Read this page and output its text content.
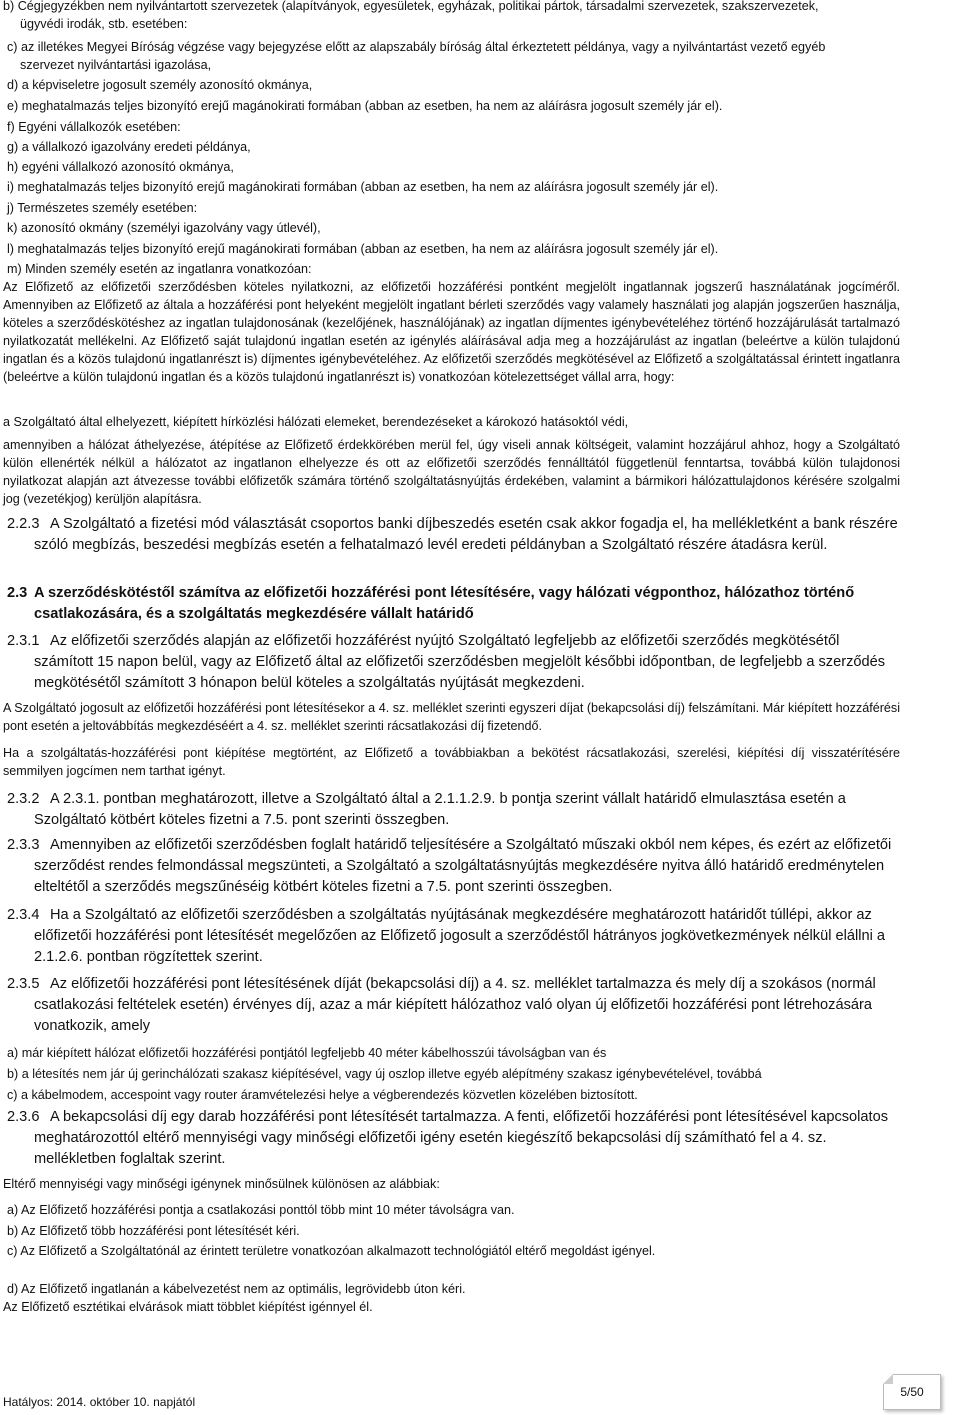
b) Cégjegyzékben nem nyilvántartott szervezetek (alapítványok, egyesületek, egyházak, politikai pártok, társadalmi szervezetek, szakszervezetek,
ügyvédi irodák, stb. esetében:
c) az illetékes Megyei Bíróság végzése vagy bejegyzése előtt az alapszabály bíróság által érkeztetett példánya, vagy a nyilvántartást vezető egyéb
szervezet nyilvántartási igazolása,
d) a képviseletre jogosult személy azonosító okmánya,
e) meghatalmazás teljes bizonyító erejű magánokirati formában (abban az esetben, ha nem az aláírásra jogosult személy jár el).
f) Egyéni vállalkozók esetében:
g) a vállalkozó igazolvány eredeti példánya,
h) egyéni vállalkozó azonosító okmánya,
i) meghatalmazás teljes bizonyító erejű magánokirati formában (abban az esetben, ha nem az aláírásra jogosult személy jár el).
j) Természetes személy esetében:
k) azonosító okmány (személyi igazolvány vagy útlevél),
l) meghatalmazás teljes bizonyító erejű magánokirati formában (abban az esetben, ha nem az aláírásra jogosult személy jár el).
m) Minden személy esetén az ingatlanra vonatkozóan:
Az Előfizető az előfizetői szerződésben köteles nyilatkozni, az előfizetői hozzáférési pontként megjelölt ingatlannak jogszerű használatának jogcíméről. Amennyiben az Előfizető az általa a hozzáférési pont helyeként megjelölt ingatlant bérleti szerződés vagy valamely használati jog alapján jogszerűen használja, köteles a szerződéskötéshez az ingatlan tulajdonosának (kezelőjének, használójának) az ingatlan díjmentes igénybevételéhez történő hozzájárulását tartalmazó nyilatkozatát mellékelni. Az Előfizető saját tulajdonú ingatlan esetén az igénylés aláírásával adja meg a hozzájárulást az ingatlan (beleértve a külön tulajdonú ingatlan és a közös tulajdonú ingatlanrészt is) díjmentes igénybevételéhez. Az előfizetői szerződés megkötésével az Előfizető a szolgáltatással érintett ingatlanra (beleértve a külön tulajdonú ingatlan és a közös tulajdonú ingatlanrészt is) vonatkozóan kötelezettséget vállal arra, hogy:
a Szolgáltató által elhelyezett, kiépített hírközlési hálózati elemeket, berendezéseket a károkozó hatásoktól védi,
amennyiben a hálózat áthelyezése, átépítése az Előfizető érdekkörében merül fel, úgy viseli annak költségeit, valamint hozzájárul ahhoz, hogy a Szolgáltató külön ellenérték nélkül a hálózatot az ingatlanon elhelyezze és ott az előfizetői szerződés fennálltától függetlenül fenntartsa, továbbá külön tulajdonosi nyilatkozat alapján azt átvezesse további előfizetők számára történő szolgáltatásnyújtás érdekében, valamint a bármikori hálózattulajdonos kérésére szolgalmi jog (vezetékjog) kerüljön alapításra.
2.2.3 A Szolgáltató a fizetési mód választását csoportos banki díjbeszedés esetén csak akkor fogadja el, ha mellékletként a bank részére szóló megbízás, beszedési megbízás esetén a felhatalmazó levél eredeti példányban a Szolgáltató részére átadásra kerül.
2.3 A szerződéskötéstől számítva az előfizetői hozzáférési pont létesítésére, vagy hálózati végponthoz, hálózathoz történő csatlakozására, és a szolgáltatás megkezdésére vállalt határidő
2.3.1 Az előfizetői szerződés alapján az előfizetői hozzáférést nyújtó Szolgáltató legfeljebb az előfizetői szerződés megkötésétől számított 15 napon belül, vagy az Előfizető által az előfizetői szerződésben megjelölt későbbi időpontban, de legfeljebb a szerződés megkötésétől számított 3 hónapon belül köteles a szolgáltatás nyújtását megkezdeni.
A Szolgáltató jogosult az előfizetői hozzáférési pont létesítésekor a 4. sz. melléklet szerinti egyszeri díjat (bekapcsolási díj) felszámítani. Már kiépített hozzáférési pont esetén a jeltovábbítás megkezdéséért a 4. sz. melléklet szerinti rácsatlakozási díj fizetendő.
Ha a szolgáltatás-hozzáférési pont kiépítése megtörtént, az Előfizető a továbbiakban a bekötést rácsatlakozási, szerelési, kiépítési díj visszatérítésére semmilyen jogcímen nem tarthat igényt.
2.3.2 A 2.3.1. pontban meghatározott, illetve a Szolgáltató által a 2.1.1.2.9. b pontja szerint vállalt határidő elmulasztása esetén a Szolgáltató kötbért köteles fizetni a 7.5. pont szerinti összegben.
2.3.3 Amennyiben az előfizetői szerződésben foglalt határidő teljesítésére a Szolgáltató műszaki okból nem képes, és ezért az előfizetői szerződést rendes felmondással megszünteti, a Szolgáltató a szolgáltatásnyújtás megkezdésére nyitva álló határidő eredménytelen elteltétől a szerződés megszűnéséig kötbért köteles fizetni a 7.5. pont szerinti összegben.
2.3.4 Ha a Szolgáltató az előfizetői szerződésben a szolgáltatás nyújtásának megkezdésére meghatározott határidőt túllépi, akkor az előfizetői hozzáférési pont létesítését megelőzően az Előfizető jogosult a szerződéstől hátrányos jogkövetkezmények nélkül elállni a 2.1.2.6. pontban rögzítettek szerint.
2.3.5 Az előfizetői hozzáférési pont létesítésének díját (bekapcsolási díj) a 4. sz. melléklet tartalmazza és mely díj a szokásos (normál csatlakozási feltételek esetén) érvényes díj, azaz a már kiépített hálózathoz való olyan új előfizetői hozzáférési pont létrehozására vonatkozik, amely
a) már kiépített hálózat előfizetői hozzáférési pontjától legfeljebb 40 méter kábelhosszúi távolságban van és
b) a létesítés nem jár új gerinchálózati szakasz kiépítésével, vagy új oszlop illetve egyéb alépítmény szakasz igénybevételével, továbbá
c) a kábelmodem, accespoint vagy router áramvételezési helye a végberendezés közvetlen közelében biztosított.
2.3.6 A bekapcsolási díj egy darab hozzáférési pont létesítését tartalmazza. A fenti, előfizetői hozzáférési pont létesítésével kapcsolatos meghatározottól eltérő mennyiségi vagy minőségi előfizetői igény esetén kiegészítő bekapcsolási díj számítható fel a 4. sz. mellékletben foglaltak szerint.
Eltérő mennyiségi vagy minőségi igénynek minősülnek különösen az alábbiak:
a) Az Előfizető hozzáférési pontja a csatlakozási ponttól több mint 10 méter távolságra van.
b) Az Előfizető több hozzáférési pont létesítését kéri.
c) Az Előfizető a Szolgáltatónál az érintett területre vonatkozóan alkalmazott technológiától eltérő megoldást igényel.
d) Az Előfizető ingatlanán a kábelvezetést nem az optimális, legrövidebb úton kéri.
Az Előfizető esztétikai elvárások miatt többlet kiépítést igénnyel él.
Hatályos: 2014. október 10. napjától
5/50
